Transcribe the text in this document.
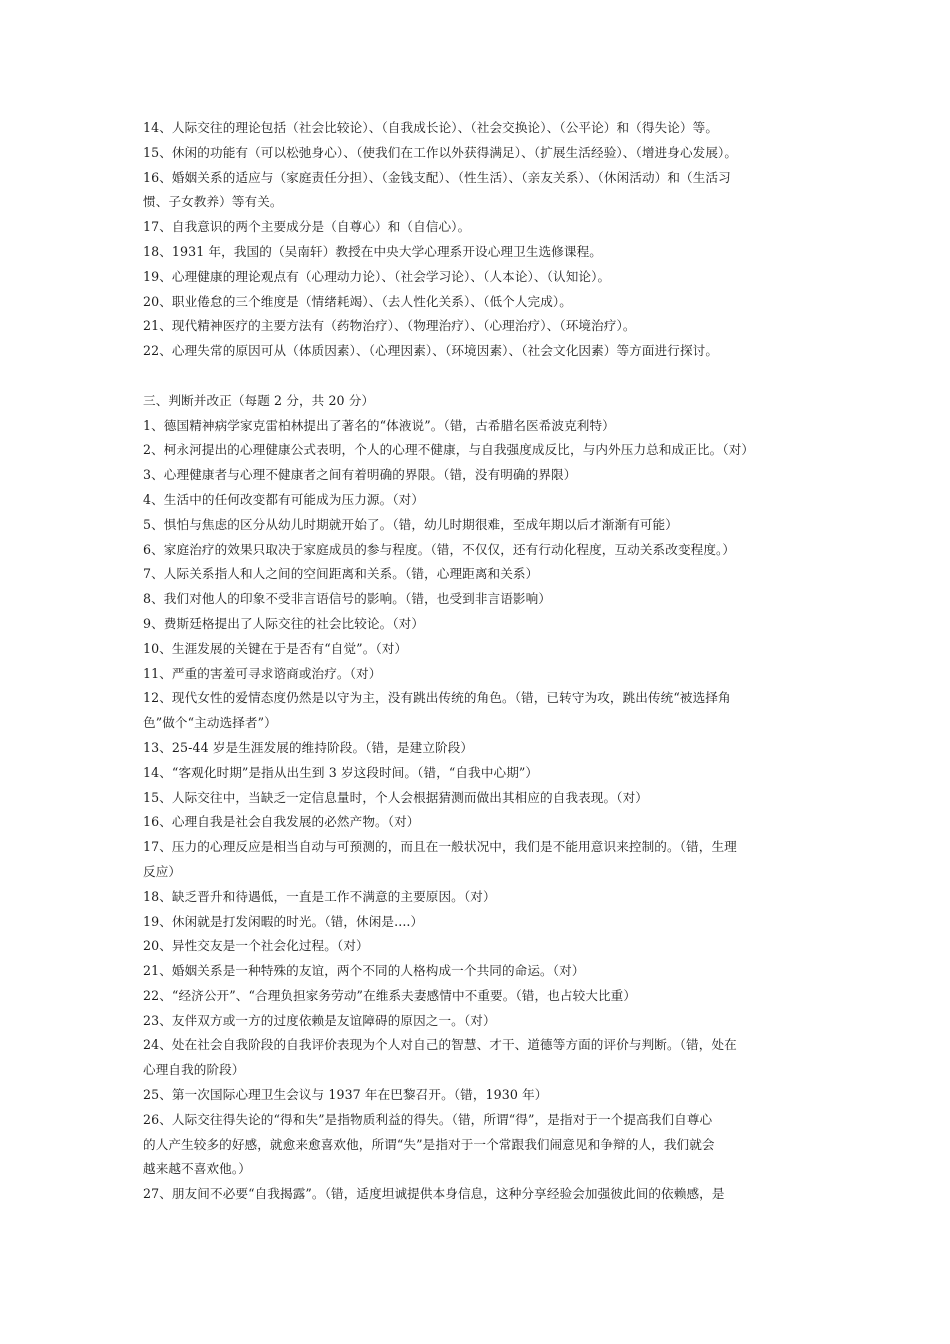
14、人际交往的理论包括（社会比较论）、（自我成长论）、（社会交换论）、（公平论）和（得失论）等。

15、休闲的功能有（可以松弛身心）、（使我们在工作以外获得满足）、（扩展生活经验）、（增进身心发展）。

16、婚姻关系的适应与（家庭责任分担）、（金钱支配）、（性生活）、（亲友关系）、（休闲活动）和（生活习
惯、子女教养）等有关。

17、自我意识的两个主要成分是（自尊心）和（自信心）。

18、1931 年，我国的（吴南轩）教授在中央大学心理系开设心理卫生选修课程。

19、心理健康的理论观点有（心理动力论）、（社会学习论）、（人本论）、（认知论）。

20、职业倦怠的三个维度是（情绪耗竭）、（去人性化关系）、（低个人完成）。

21、现代精神医疗的主要方法有（药物治疗）、（物理治疗）、（心理治疗）、（环境治疗）。

22、心理失常的原因可从（体质因素）、（心理因素）、（环境因素）、（社会文化因素）等方面进行探讨。

三、判断并改正（每题 2 分，共 20 分）

1、德国精神病学家克雷柏林提出了著名的“体液说”。（错，古希腊名医希波克利特）

2、柯永河提出的心理健康公式表明，个人的心理不健康，与自我强度成反比，与内外压力总和成正比。（对）

3、心理健康者与心理不健康者之间有着明确的界限。（错，没有明确的界限）

4、生活中的任何改变都有可能成为压力源。（对）

5、惧怕与焦虑的区分从幼儿时期就开始了。（错，幼儿时期很难，至成年期以后才渐渐有可能）

6、家庭治疗的效果只取决于家庭成员的参与程度。（错，不仅仅，还有行动化程度，互动关系改变程度。）

7、人际关系指人和人之间的空间距离和关系。（错，心理距离和关系）

8、我们对他人的印象不受非言语信号的影响。（错，也受到非言语影响）

9、费斯廷格提出了人际交往的社会比较论。（对）

10、生涯发展的关键在于是否有“自觉”。（对）

11、严重的害羞可寻求谘商或治疗。（对）

12、现代女性的爱情态度仍然是以守为主，没有跳出传统的角色。（错，已转守为攻，跳出传统“被选择角
色”做个“主动选择者”）

13、25-44 岁是生涯发展的维持阶段。（错，是建立阶段）

14、“客观化时期”是指从出生到 3 岁这段时间。（错，“自我中心期”）

15、人际交往中，当缺乏一定信息量时，个人会根据猜测而做出其相应的自我表现。（对）

16、心理自我是社会自我发展的必然产物。（对）

17、压力的心理反应是相当自动与可预测的，而且在一般状况中，我们是不能用意识来控制的。（错，生理
反应）

18、缺乏晋升和待遇低，一直是工作不满意的主要原因。（对）

19、休闲就是打发闲暇的时光。（错，休闲是....）

20、异性交友是一个社会化过程。（对）

21、婚姻关系是一种特殊的友谊，两个不同的人格构成一个共同的命运。（对）

22、“经济公开”、“合理负担家务劳动”在维系夫妻感情中不重要。（错，也占较大比重）

23、友伴双方或一方的过度依赖是友谊障碍的原因之一。（对）

24、处在社会自我阶段的自我评价表现为个人对自己的智慧、才干、道德等方面的评价与判断。（错，处在
心理自我的阶段）

25、第一次国际心理卫生会议与 1937 年在巴黎召开。（错，1930 年）

26、人际交往得失论的“得和失”是指物质利益的得失。（错，所谓“得”，是指对于一个提高我们自尊心
的人产生较多的好感，就愈来愈喜欢他，所谓“失”是指对于一个常跟我们闹意见和争辩的人，我们就会
越来越不喜欢他。）

27、朋友间不必要“自我揭露”。（错，适度坦诚提供本身信息，这种分享经验会加强彼此间的依赖感，是
